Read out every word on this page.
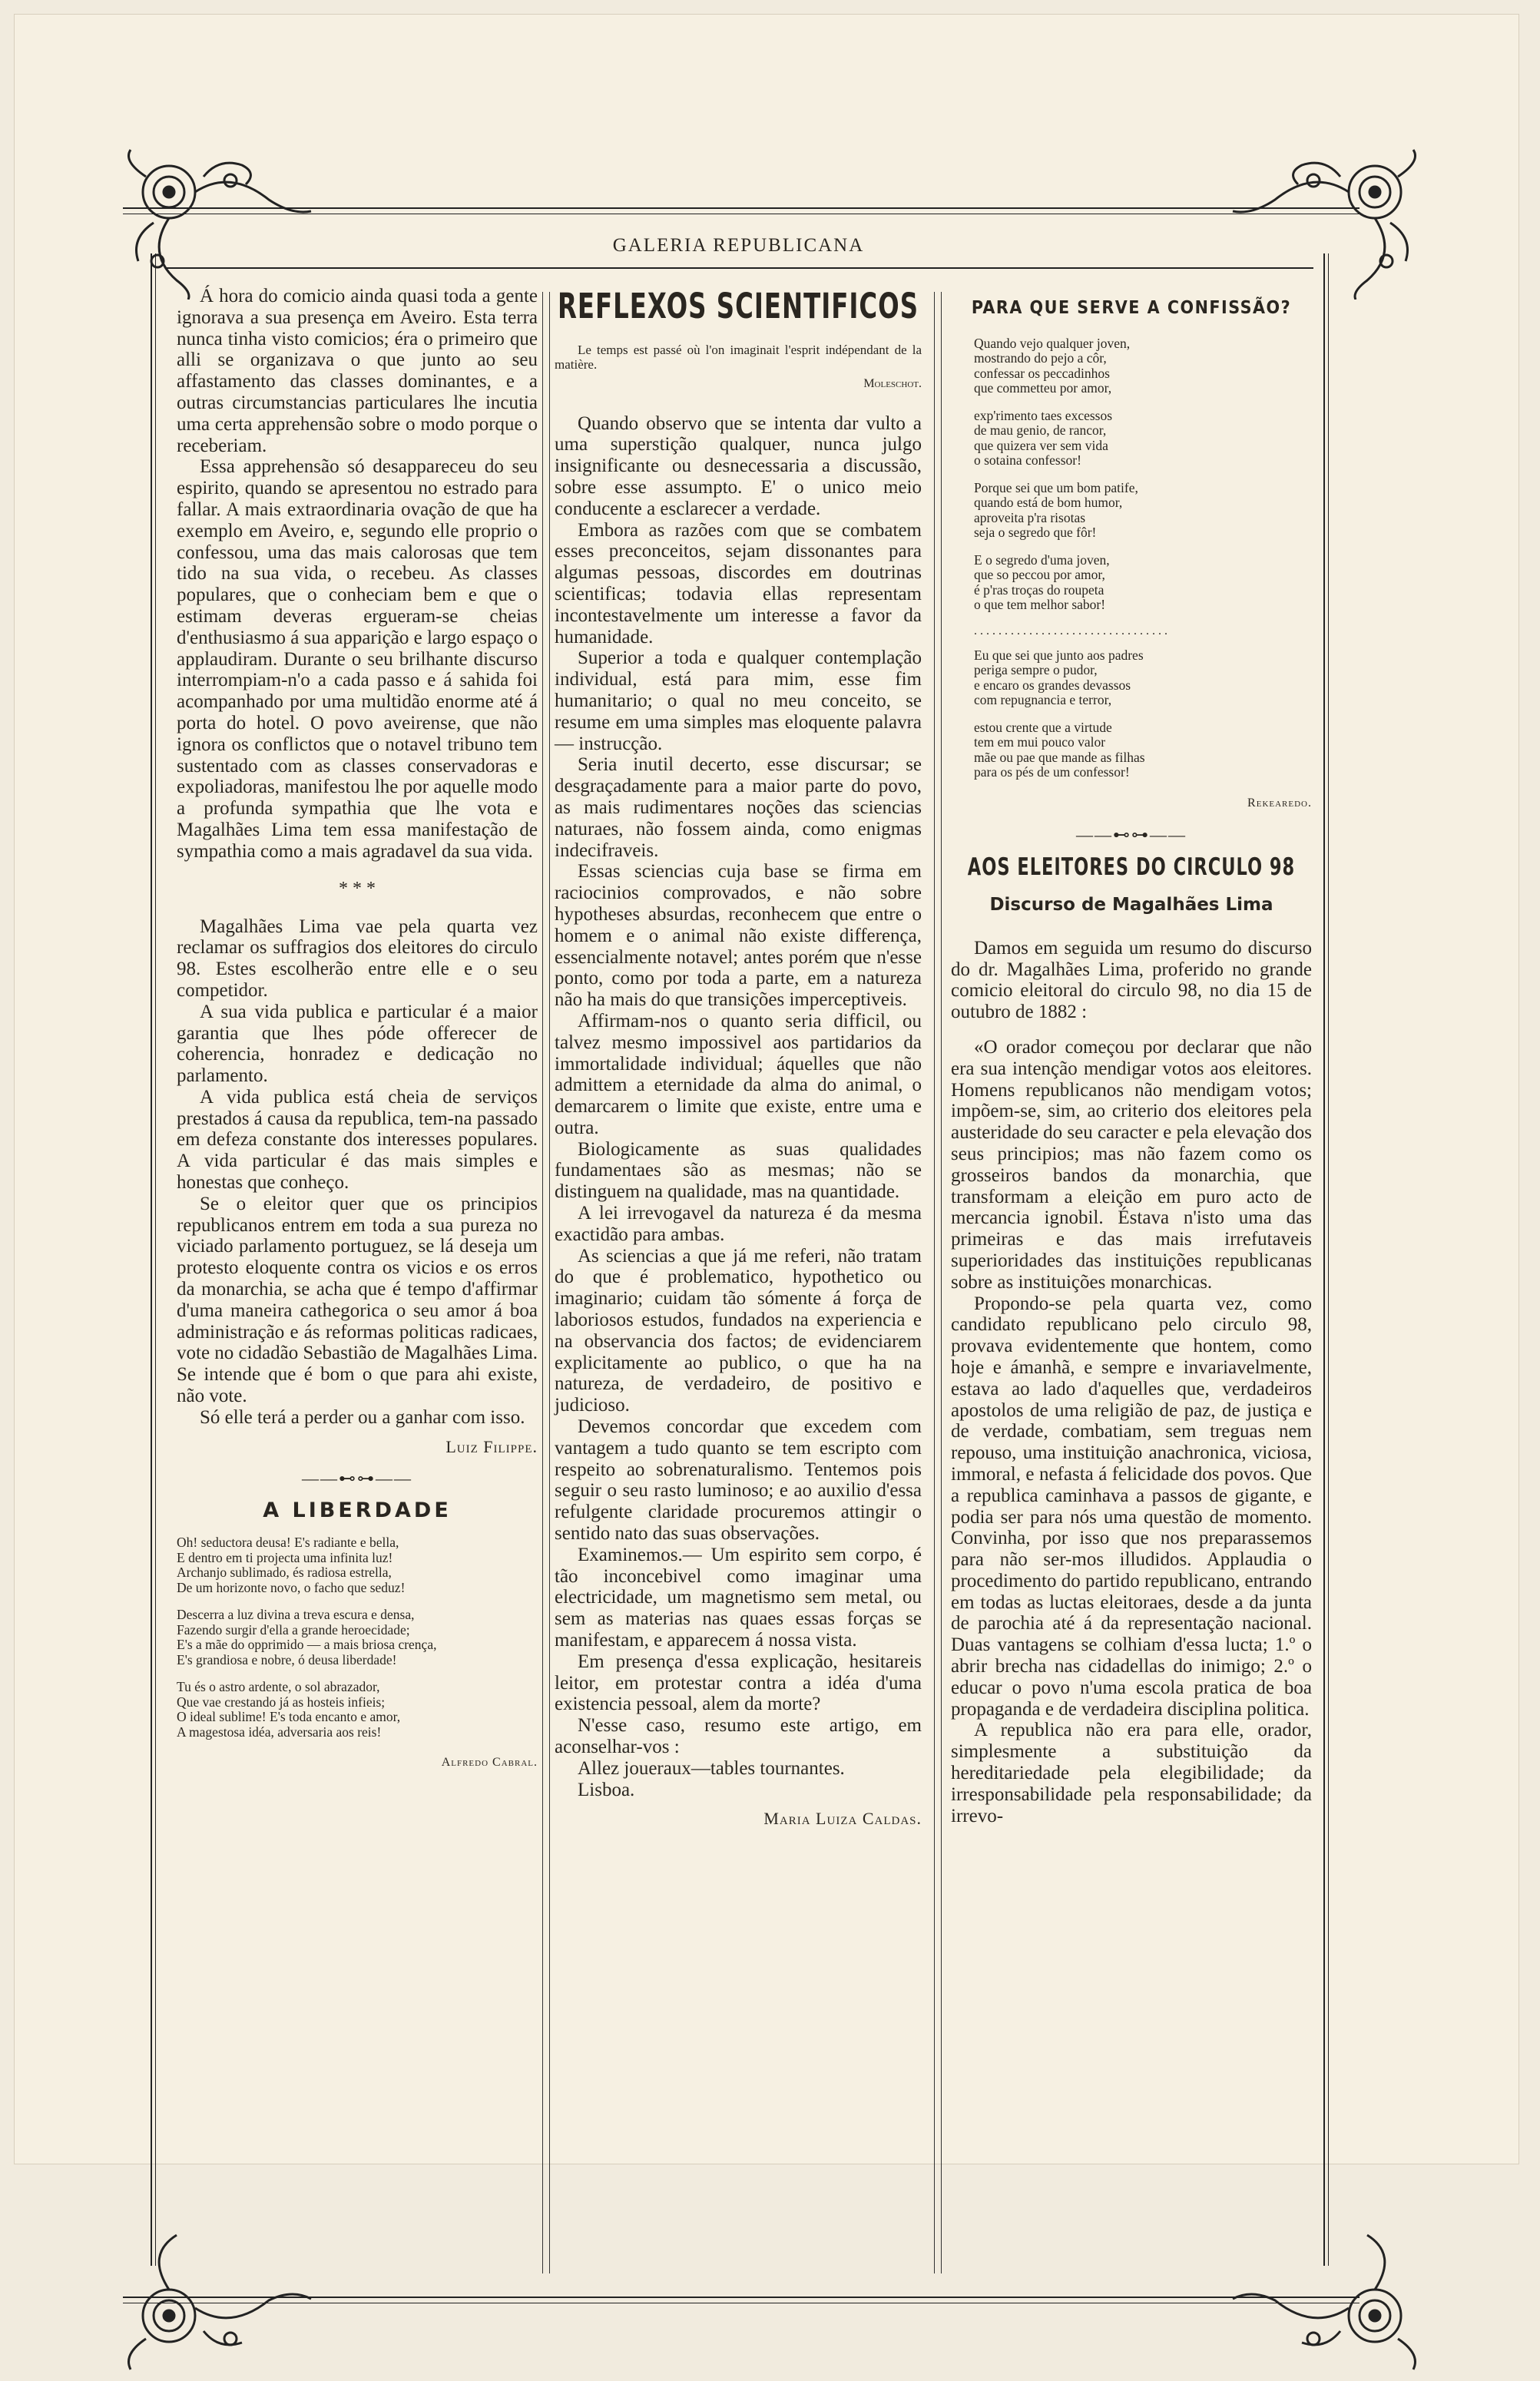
GALERIA REPUBLICANA

Á hora do comicio ainda quasi toda a gente ignorava a sua presença em Aveiro. Esta terra nunca tinha visto comicios; éra o primeiro que alli se organizava o que junto ao seu affastamento das classes dominantes, e a outras circumstancias particulares lhe incutia uma certa apprehensão sobre o modo porque o receberiam.

Essa apprehensão só desappareceu do seu espirito, quando se apresentou no estrado para fallar. A mais extraordinaria ovação de que ha exemplo em Aveiro, e, segundo elle proprio o confessou, uma das mais calorosas que tem tido na sua vida, o recebeu. As classes populares, que o conheciam bem e que o estimam deveras ergueram-se cheias d'enthusiasmo á sua apparição e largo espaço o applaudiram. Durante o seu brilhante discurso interrompiam-n'o a cada passo e á sahida foi acompanhado por uma multidão enorme até á porta do hotel. O povo aveirense, que não ignora os conflictos que o notavel tribuno tem sustentado com as classes conservadoras e expoliadoras, manifestou lhe por aquelle modo a profunda sympathia que lhe vota e Magalhães Lima tem essa manifestação de sympathia como a mais agradavel da sua vida.

* * *

Magalhães Lima vae pela quarta vez reclamar os suffragios dos eleitores do circulo 98. Estes escolherão entre elle e o seu competidor.

A sua vida publica e particular é a maior garantia que lhes póde offerecer de coherencia, honradez e dedicação no parlamento.

A vida publica está cheia de serviços prestados á causa da republica, tem-na passado em defeza constante dos interesses populares. A vida particular é das mais simples e honestas que conheço.

Se o eleitor quer que os principios republicanos entrem em toda a sua pureza no viciado parlamento portuguez, se lá deseja um protesto eloquente contra os vicios e os erros da monarchia, se acha que é tempo d'affirmar d'uma maneira cathegorica o seu amor á boa administração e ás reformas politicas radicaes, vote no cidadão Sebastião de Magalhães Lima. Se intende que é bom o que para ahi existe, não vote.

Só elle terá a perder ou a ganhar com isso.

Luiz Filippe.
——⊷⊶——
A LIBERDADE
Oh! seductora deusa! E's radiante e bella,
E dentro em ti projecta uma infinita luz!
Archanjo sublimado, és radiosa estrella,
De um horizonte novo, o facho que seduz!
Descerra a luz divina a treva escura e densa,
Fazendo surgir d'ella a grande heroecidade;
E's a mãe do opprimido — a mais briosa crença,
E's grandiosa e nobre, ó deusa liberdade!
Tu és o astro ardente, o sol abrazador,
Que vae crestando já as hosteis infieis;
O ideal sublime! E's toda encanto e amor,
A magestosa idéa, adversaria aos reis!
Alfredo Cabral.
REFLEXOS SCIENTIFICOS

Le temps est passé où l'on imaginait l'esprit indépendant de la matière.

Moleschot.

Quando observo que se intenta dar vulto a uma superstição qualquer, nunca julgo insignificante ou desnecessaria a discussão, sobre esse assumpto. E' o unico meio conducente a esclarecer a verdade.

Embora as razões com que se combatem esses preconceitos, sejam dissonantes para algumas pessoas, discordes em doutrinas scientificas; todavia ellas representam incontestavelmente um interesse a favor da humanidade.

Superior a toda e qualquer contemplação individual, está para mim, esse fim humanitario; o qual no meu conceito, se resume em uma simples mas eloquente palavra — instrucção.

Seria inutil decerto, esse discursar; se desgraçadamente para a maior parte do povo, as mais rudimentares noções das sciencias naturaes, não fossem ainda, como enigmas indecifraveis.

Essas sciencias cuja base se firma em raciocinios comprovados, e não sobre hypotheses absurdas, reconhecem que entre o homem e o animal não existe differença, essencialmente notavel; antes porém que n'esse ponto, como por toda a parte, em a natureza não ha mais do que transições imperceptiveis.

Affirmam-nos o quanto seria difficil, ou talvez mesmo impossivel aos partidarios da immortalidade individual; áquelles que não admittem a eternidade da alma do animal, o demarcarem o limite que existe, entre uma e outra.

Biologicamente as suas qualidades fundamentaes são as mesmas; não se distinguem na qualidade, mas na quantidade.

A lei irrevogavel da natureza é da mesma exactidão para ambas.

As sciencias a que já me referi, não tratam do que é problematico, hypothetico ou imaginario; cuidam tão sómente á força de laboriosos estudos, fundados na experiencia e na observancia dos factos; de evidenciarem explicitamente ao publico, o que ha na natureza, de verdadeiro, de positivo e judicioso.

Devemos concordar que excedem com vantagem a tudo quanto se tem escripto com respeito ao sobrenaturalismo. Tentemos pois seguir o seu rasto luminoso; e ao auxilio d'essa refulgente claridade procuremos attingir o sentido nato das suas observações.

Examinemos.— Um espirito sem corpo, é tão inconcebivel como imaginar uma electricidade, um magnetismo sem metal, ou sem as materias nas quaes essas forças se manifestam, e apparecem á nossa vista.

Em presença d'essa explicação, hesitareis leitor, em protestar contra a idéa d'uma existencia pessoal, alem da morte?

N'esse caso, resumo este artigo, em aconselhar-vos :

Allez joueraux—tables tournantes.

Lisboa.

Maria Luiza Caldas.
PARA QUE SERVE A CONFISSÃO?
Quando vejo qualquer joven,
mostrando do pejo a côr,
confessar os peccadinhos
que commetteu por amor,
exp'rimento taes excessos
de mau genio, de rancor,
que quizera ver sem vida
o sotaina confessor!
Porque sei que um bom patife,
quando está de bom humor,
aproveita p'ra risotas
seja o segredo que fôr!
E o segredo d'uma joven,
que so peccou por amor,
é p'ras troças do roupeta
o que tem melhor sabor!
................................
Eu que sei que junto aos padres
periga sempre o pudor,
e encaro os grandes devassos
com repugnancia e terror,
estou crente que a virtude
tem em mui pouco valor
mãe ou pae que mande as filhas
para os pés de um confessor!
Rekearedo.
——⊷⊶——
AOS ELEITORES DO CIRCULO 98
Discurso de Magalhães Lima

Damos em seguida um resumo do discurso do dr. Magalhães Lima, proferido no grande comicio eleitoral do circulo 98, no dia 15 de outubro de 1882 :

«O orador começou por declarar que não era sua intenção mendigar votos aos eleitores. Homens republicanos não mendigam votos; impõem-se, sim, ao criterio dos eleitores pela austeridade do seu caracter e pela elevação dos seus principios; mas não fazem como os grosseiros bandos da monarchia, que transformam a eleição em puro acto de mercancia ignobil. Éstava n'isto uma das primeiras e das mais irrefutaveis superioridades das instituições republicanas sobre as instituições monarchicas.

Propondo-se pela quarta vez, como candidato republicano pelo circulo 98, provava evidentemente que hontem, como hoje e ámanhã, e sempre e invariavelmente, estava ao lado d'aquelles que, verdadeiros apostolos de uma religião de paz, de justiça e de verdade, combatiam, sem treguas nem repouso, uma instituição anachronica, viciosa, immoral, e nefasta á felicidade dos povos. Que a republica caminhava a passos de gigante, e podia ser para nós uma questão de momento. Convinha, por isso que nos preparassemos para não ser-mos illudidos. Applaudia o procedimento do partido republicano, entrando em todas as luctas eleitoraes, desde a da junta de parochia até á da representação nacional. Duas vantagens se colhiam d'essa lucta; 1.º o abrir brecha nas cidadellas do inimigo; 2.º o educar o povo n'uma escola pratica de boa propaganda e de verdadeira disciplina politica.

A republica não era para elle, orador, simplesmente a substituição da hereditariedade pela elegibilidade; da irresponsabilidade pela responsabilidade; da irrevo-
